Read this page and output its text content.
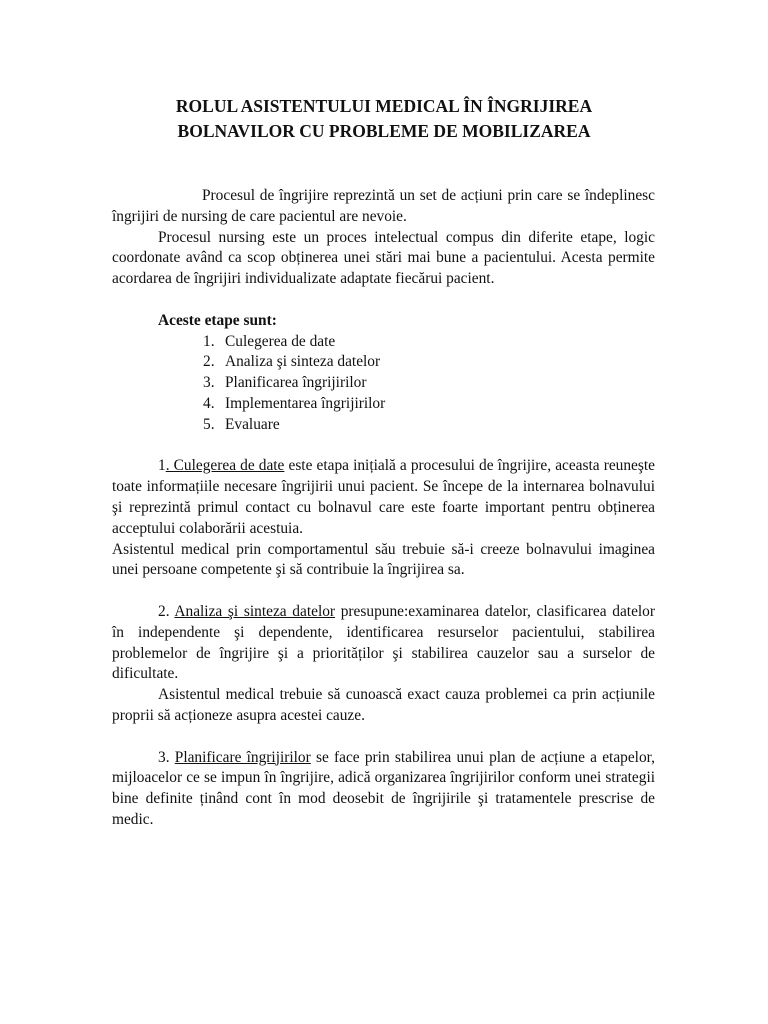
ROLUL ASISTENTULUI MEDICAL ÎN ÎNGRIJIREA
BOLNAVILOR CU PROBLEME DE MOBILIZAREA

Procesul de îngrijire reprezintă un set de acțiuni prin care se îndeplinesc îngrijiri de nursing de care pacientul are nevoie.

Procesul nursing este un proces intelectual compus din diferite etape, logic coordonate având ca scop obținerea unei stări mai bune a pacientului. Acesta permite acordarea de îngrijiri individualizate adaptate fiecărui pacient.

Aceste etape sunt:

1. Culegerea de date
2. Analiza şi sinteza datelor
3. Planificarea îngrijirilor
4. Implementarea îngrijirilor
5. Evaluare

1. Culegerea de date este etapa inițială a procesului de îngrijire, aceasta reuneşte toate informațiile necesare îngrijirii unui pacient. Se începe de la internarea bolnavului şi reprezintă primul contact cu bolnavul care este foarte important pentru obținerea acceptului colaborării acestuia.

Asistentul medical prin comportamentul său trebuie să-i creeze bolnavului imaginea unei persoane competente şi să contribuie la îngrijirea sa.

2. Analiza şi sinteza datelor presupune:examinarea datelor, clasificarea datelor în independente şi dependente, identificarea resurselor pacientului, stabilirea problemelor de îngrijire şi a priorităților şi stabilirea cauzelor sau a surselor de dificultate.

Asistentul medical trebuie să cunoască exact cauza problemei ca prin acțiunile proprii să acționeze asupra acestei cauze.

3. Planificare îngrijirilor se face prin stabilirea unui plan de acțiune a etapelor, mijloacelor ce se impun în îngrijire, adică organizarea îngrijirilor conform unei strategii bine definite ținând cont în mod deosebit de îngrijirile şi tratamentele prescrise de medic.
